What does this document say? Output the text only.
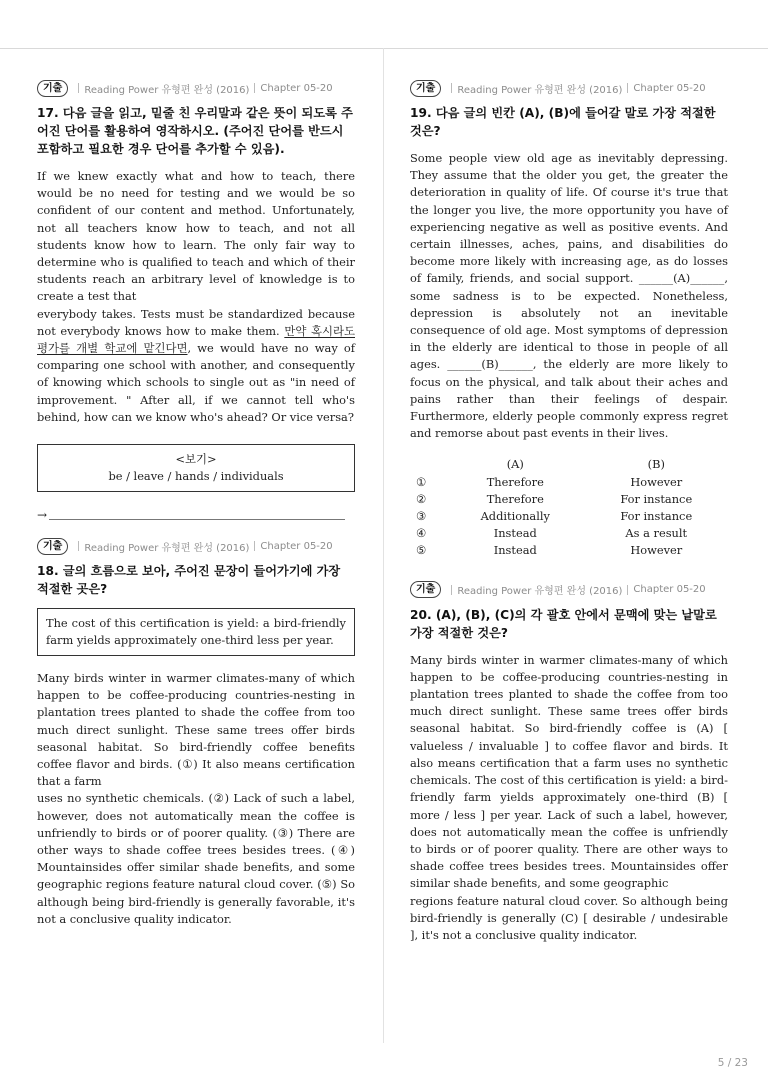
기출	Reading Power 유형편 완성 (2016) Chapter 05-20
17. 다음 글을 읽고, 밑줄 친 우리말과 같은 뜻이 되도록 주어진 단어를 활용하여 영작하시오. (주어진 단어를 반드시 포함하고 필요한 경우 단어를 추가할 수 있음).

If we knew exactly what and how to teach, there would be no need for testing and we would be so confident of our content and method. Unfortunately, not all teachers know how to teach, and not all students know how to learn. The only fair way to determine who is qualified to teach and which of their students reach an arbitrary level of knowledge is to create a test that

everybody takes. Tests must be standardized because not everybody knows how to make them. 만약 혹시라도 평가를 개별 학교에 맡긴다면, we would have no way of comparing one school with another, and consequently of knowing which schools to single out as "in need of improvement. " After all, if we cannot tell who's behind, how can we know who's ahead? Or vice versa?

<보기>
be / leave / hands / individuals
→
기출	Reading Power 유형편 완성 (2016) Chapter 05-20
18. 글의 흐름으로 보아, 주어진 문장이 들어가기에 가장 적절한 곳은?
The cost of this certification is yield: a bird-friendly farm yields approximately one-third less per year.

Many birds winter in warmer climates-many of which happen to be coffee-producing countries-nesting in plantation trees planted to shade the coffee from too much direct sunlight. These same trees offer birds seasonal habitat. So bird-friendly coffee benefits coffee flavor and birds. (①) It also means certification that a farm

uses no synthetic chemicals. (②) Lack of such a label, however, does not automatically mean the coffee is unfriendly to birds or of poorer quality. (③) There are other ways to shade coffee trees besides trees. (④) Mountainsides offer similar shade benefits, and some geographic regions feature natural cloud cover. (⑤) So although being bird-friendly is generally favorable, it's not a conclusive quality indicator.

기출	Reading Power 유형편 완성 (2016) Chapter 05-20
19. 다음 글의 빈칸 (A), (B)에 들어갈 말로 가장 적절한 것은?

Some people view old age as inevitably depressing. They assume that the older you get, the greater the deterioration in quality of life. Of course it's true that the longer you live, the more opportunity you have of experiencing negative as well as positive events. And certain illnesses, aches, pains, and disabilities do become more likely with increasing age, as do losses of family, friends, and social support. ______(A)______, some sadness is to be expected. Nonetheless, depression is absolutely not an inevitable consequence of old age. Most symptoms of depression in the elderly are identical to those in people of all ages. ______(B)______, the elderly are more likely to focus on the physical, and talk about their aches and pains rather than their feelings of despair. Furthermore, elderly people commonly express regret and remorse about past events in their lives.

	(A)	(B)
①	Therefore	However
②	Therefore	For instance
③	Additionally	For instance
④	Instead	As a result
⑤	Instead	However
기출	Reading Power 유형편 완성 (2016) Chapter 05-20
20. (A), (B), (C)의 각 괄호 안에서 문맥에 맞는 낱말로 가장 적절한 것은?

Many birds winter in warmer climates-many of which happen to be coffee-producing countries-nesting in plantation trees planted to shade the coffee from too much direct sunlight. These same trees offer birds seasonal habitat. So bird-friendly coffee is (A) [ valueless / invaluable ] to coffee flavor and birds. It also means certification that a farm uses no synthetic chemicals. The cost of this certification is yield: a bird-friendly farm yields approximately one-third (B) [ more / less ] per year. Lack of such a label, however, does not automatically mean the coffee is unfriendly to birds or of poorer quality. There are other ways to shade coffee trees besides trees. Mountainsides offer similar shade benefits, and some geographic

regions feature natural cloud cover. So although being bird-friendly is generally (C) [ desirable / undesirable ], it's not a conclusive quality indicator.

5 / 23
